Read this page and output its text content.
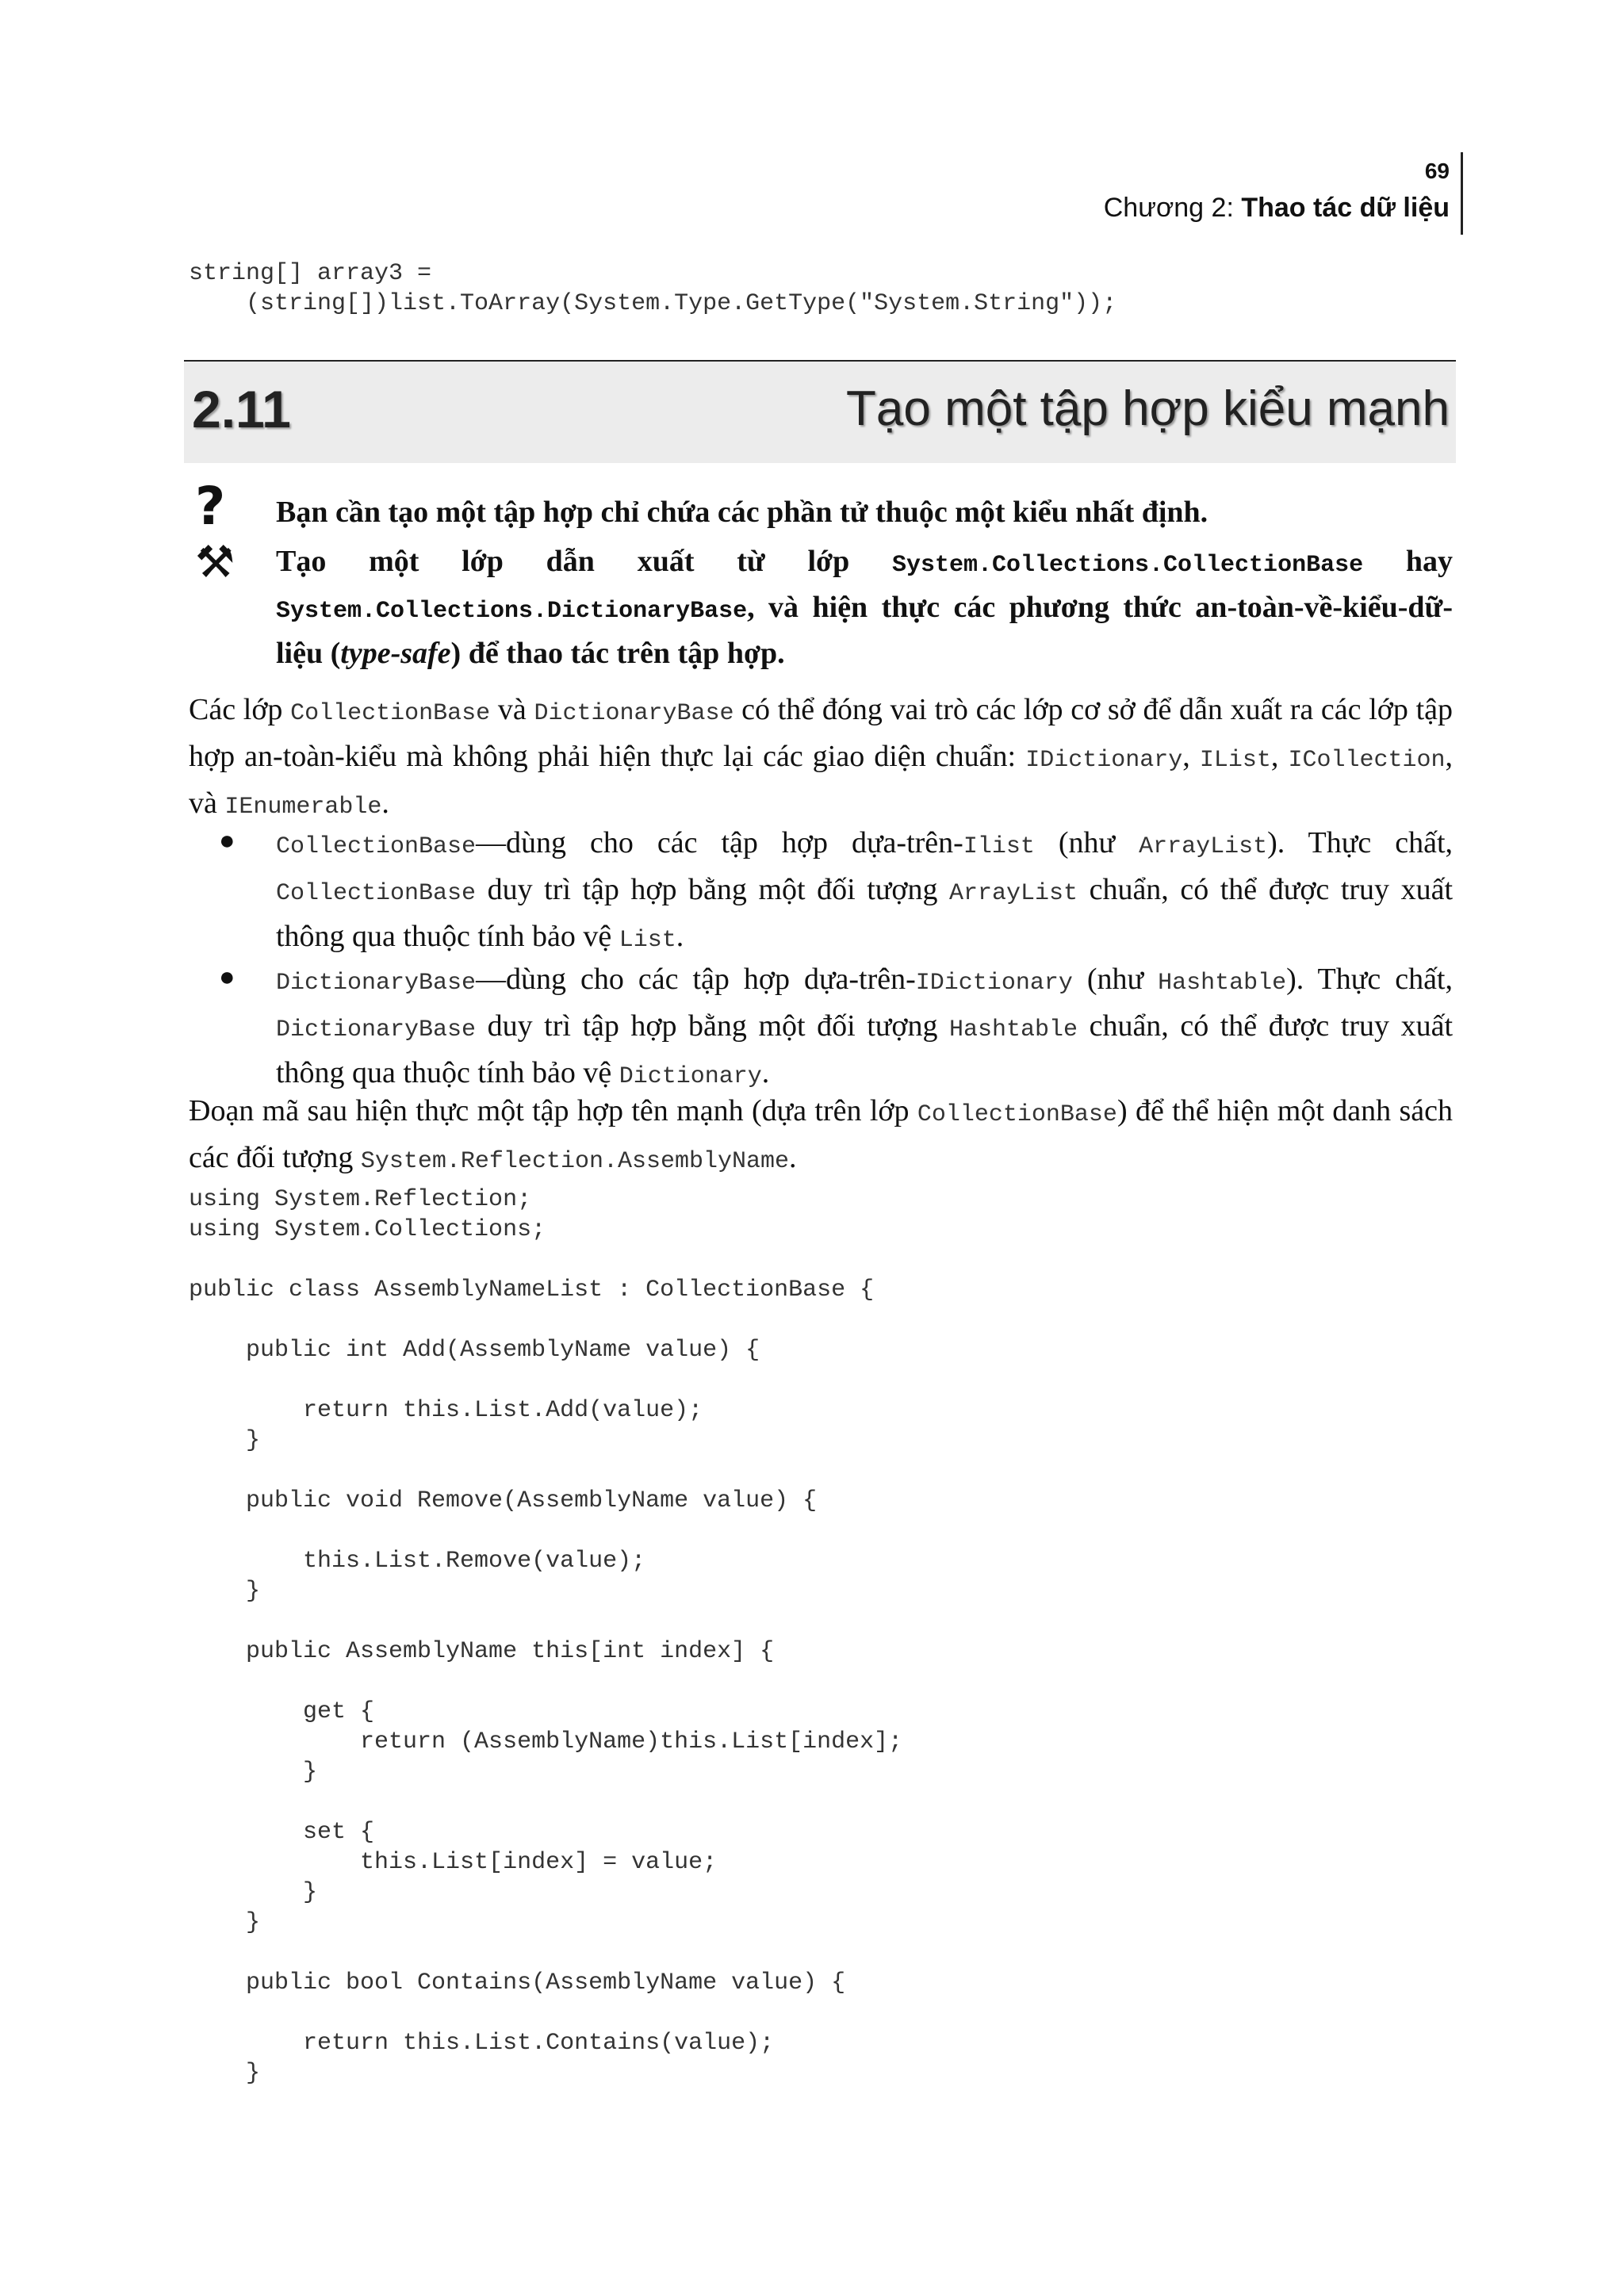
69
Chương 2: Thao tác dữ liệu
string[] array3 =
(string[])list.ToArray(System.Type.GetType("System.String"));
2.11	Tạo một tập hợp kiểu mạnh
?
⚒
Bạn cần tạo một tập hợp chỉ chứa các phần tử thuộc một kiểu nhất định.
Tạo một lớp dẫn xuất từ lớp System.Collections.CollectionBase hay System.Collections.DictionaryBase, và hiện thực các phương thức an-toàn-về-kiểu-dữ-liệu (type-safe) để thao tác trên tập hợp.
Các lớp CollectionBase và DictionaryBase có thể đóng vai trò các lớp cơ sở để dẫn xuất ra các lớp tập hợp an-toàn-kiểu mà không phải hiện thực lại các giao diện chuẩn: IDictionary, IList, ICollection, và IEnumerable.
● CollectionBase—dùng cho các tập hợp dựa-trên-Ilist (như ArrayList). Thực chất, CollectionBase duy trì tập hợp bằng một đối tượng ArrayList chuẩn, có thể được truy xuất thông qua thuộc tính bảo vệ List.
● DictionaryBase—dùng cho các tập hợp dựa-trên-IDictionary (như Hashtable). Thực chất, DictionaryBase duy trì tập hợp bằng một đối tượng Hashtable chuẩn, có thể được truy xuất thông qua thuộc tính bảo vệ Dictionary.
Đoạn mã sau hiện thực một tập hợp tên mạnh (dựa trên lớp CollectionBase) để thể hiện một danh sách các đối tượng System.Reflection.AssemblyName.
using System.Reflection;
using System.Collections;

public class AssemblyNameList : CollectionBase {

public int Add(AssemblyName value) {

return this.List.Add(value);
}

public void Remove(AssemblyName value) {

this.List.Remove(value);
}

public AssemblyName this[int index] {

get {
return (AssemblyName)this.List[index];
}

set {
this.List[index] = value;
}
}

public bool Contains(AssemblyName value) {

return this.List.Contains(value);
}
